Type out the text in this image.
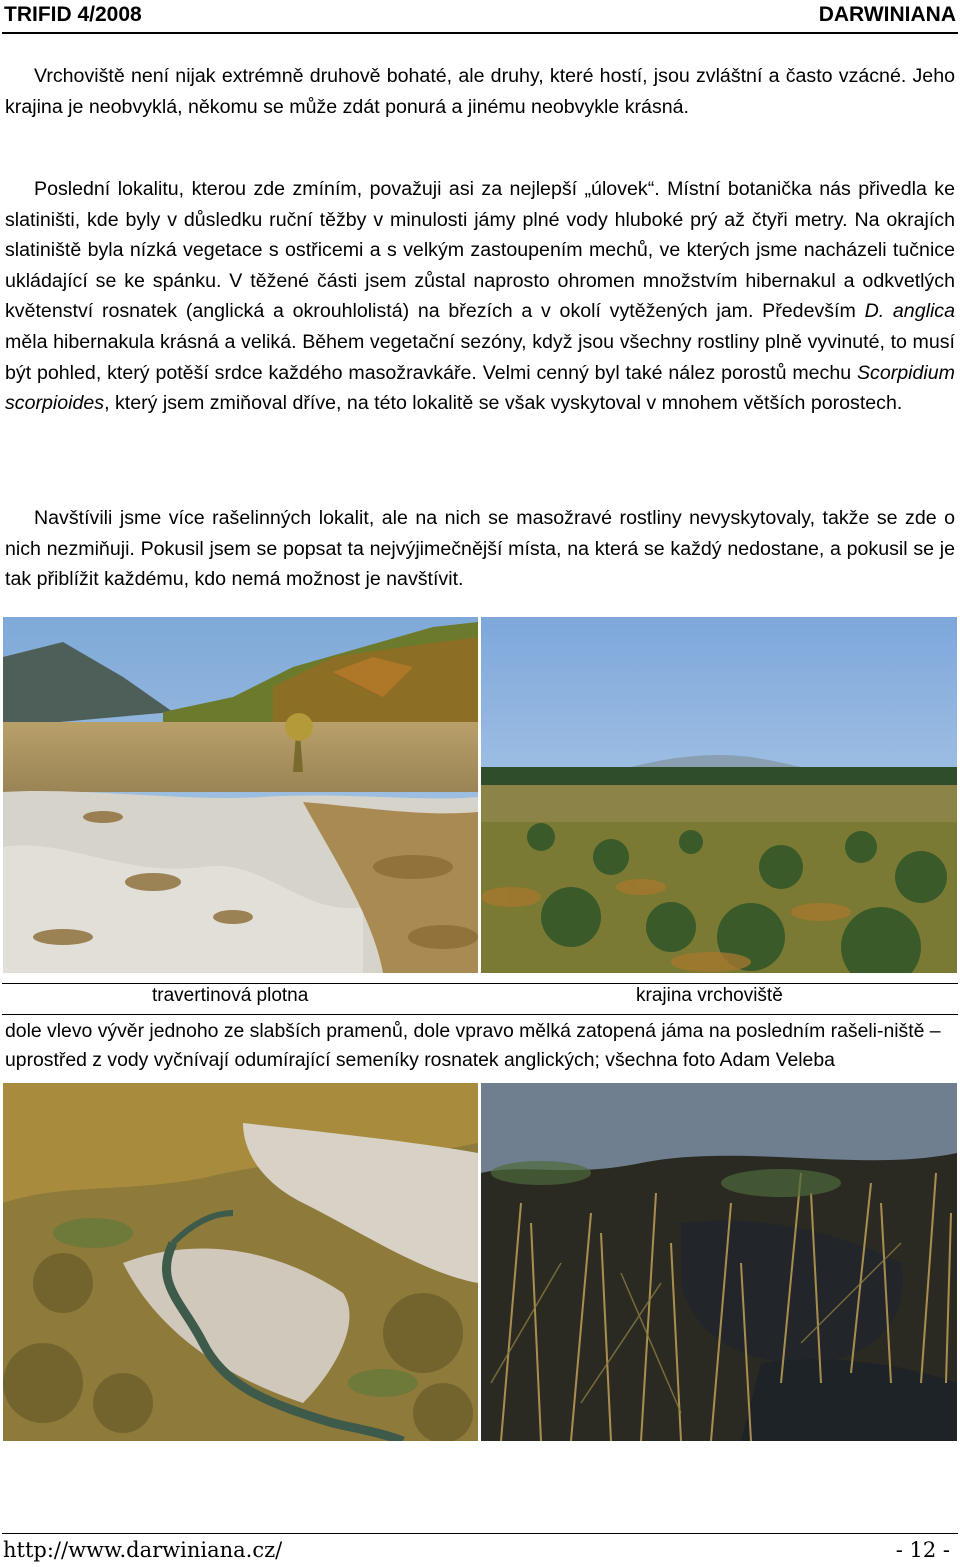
TRIFID 4/2008	DARWINIANA

Vrchoviště není nijak extrémně druhově bohaté, ale druhy, které hostí, jsou zvláštní a často vzácné. Jeho krajina je neobvyklá, někomu se může zdát ponurá a jinému neobvykle krásná.

Poslední lokalitu, kterou zde zmíním, považuji asi za nejlepší „úlovek“. Místní botanička nás přivedla ke slatiništi, kde byly v důsledku ruční těžby v minulosti jámy plné vody hluboké prý až čtyři metry. Na okrajích slatiniště byla nízká vegetace s ostřicemi a s velkým zastoupením mechů, ve kterých jsme nacházeli tučnice ukládající se ke spánku. V těžené části jsem zůstal naprosto ohromen množstvím hibernakul a odkvetlých květenství rosnatek (anglická a okrouhlolistá) na březích a v okolí vytěžených jam. Především D. anglica měla hibernakula krásná a veliká. Během vegetační sezóny, když jsou všechny rostliny plně vyvinuté, to musí být pohled, který potěší srdce každého masožravkáře. Velmi cenný byl také nález porostů mechu Scorpidium scorpioides, který jsem zmiňoval dříve, na této lokalitě se však vyskytoval v mnohem větších porostech.

Navštívili jsme více rašelinných lokalit, ale na nich se masožravé rostliny nevyskytovaly, takže se zde o nich nezmiňuji. Pokusil jsem se popsat ta nejvýjimečnější místa, na která se každý nedostane, a pokusil se je tak přiblížit každému, kdo nemá možnost je navštívit.

travertinová plotna	krajina vrchoviště

dole vlevo vývěr jednoho ze slabších pramenů, dole vpravo mělká zatopená jáma na posledním rašeli-niště – uprostřed z vody vyčnívají odumírající semeníky rosnatek anglických; všechna foto Adam Veleba

http://www.darwiniana.cz/	- 12 -
